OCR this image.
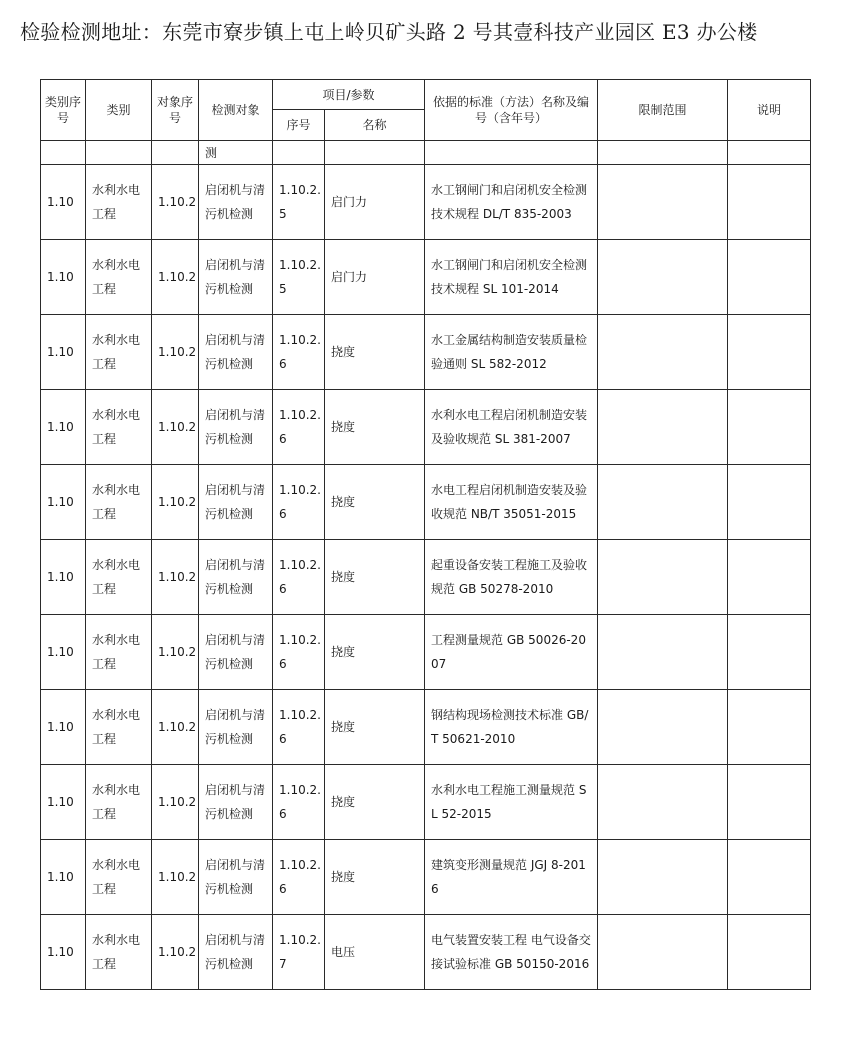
检验检测地址：东莞市寮步镇上屯上岭贝矿头路 2 号其壹科技产业园区 E3 办公楼
类别序号	类别	对象序号	检测对象	项目/参数		依据的标准（方法）名称及编号（含年号）	限制范围	说明
				序号	名称			
			测					
1.10	水利水电工程	1.10.2	启闭机与清污机检测	1.10.2.5	启门力	水工钢闸门和启闭机安全检测技术规程 DL/T 835-2003		
1.10	水利水电工程	1.10.2	启闭机与清污机检测	1.10.2.5	启门力	水工钢闸门和启闭机安全检测技术规程 SL 101-2014		
1.10	水利水电工程	1.10.2	启闭机与清污机检测	1.10.2.6	挠度	水工金属结构制造安装质量检验通则 SL 582-2012		
1.10	水利水电工程	1.10.2	启闭机与清污机检测	1.10.2.6	挠度	水利水电工程启闭机制造安装及验收规范 SL 381-2007		
1.10	水利水电工程	1.10.2	启闭机与清污机检测	1.10.2.6	挠度	水电工程启闭机制造安装及验收规范 NB/T 35051-2015		
1.10	水利水电工程	1.10.2	启闭机与清污机检测	1.10.2.6	挠度	起重设备安装工程施工及验收规范 GB 50278-2010		
1.10	水利水电工程	1.10.2	启闭机与清污机检测	1.10.2.6	挠度	工程测量规范 GB 50026-2007		
1.10	水利水电工程	1.10.2	启闭机与清污机检测	1.10.2.6	挠度	钢结构现场检测技术标准 GB/T 50621-2010		
1.10	水利水电工程	1.10.2	启闭机与清污机检测	1.10.2.6	挠度	水利水电工程施工测量规范 SL 52-2015		
1.10	水利水电工程	1.10.2	启闭机与清污机检测	1.10.2.6	挠度	建筑变形测量规范 JGJ 8-2016		
1.10	水利水电工程	1.10.2	启闭机与清污机检测	1.10.2.7	电压	电气装置安装工程 电气设备交接试验标准 GB 50150-2016		
